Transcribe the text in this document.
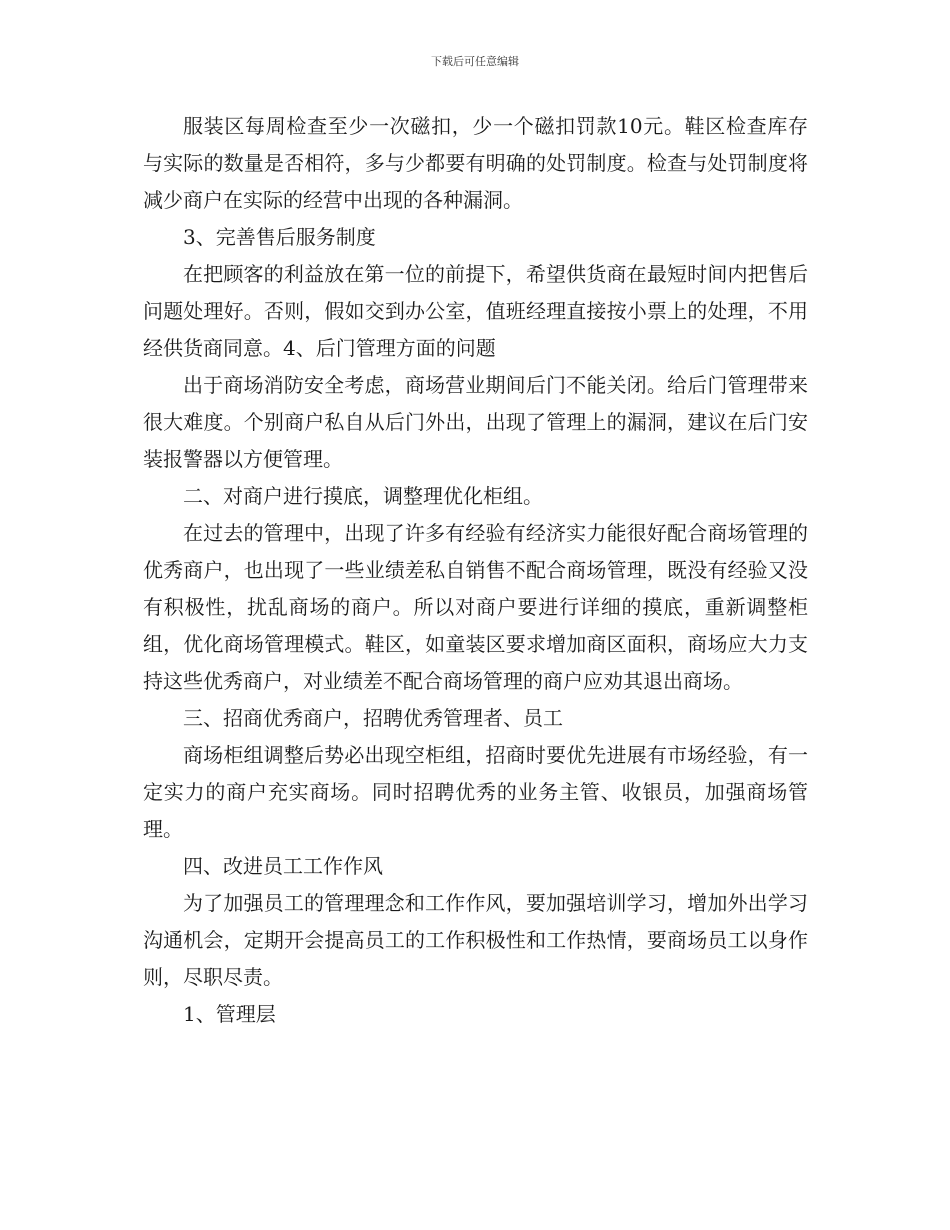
下载后可任意编辑

服装区每周检查至少一次磁扣，少一个磁扣罚款10元。鞋区检查库存与实际的数量是否相符，多与少都要有明确的处罚制度。检查与处罚制度将减少商户在实际的经营中出现的各种漏洞。

3、完善售后服务制度

在把顾客的利益放在第一位的前提下，希望供货商在最短时间内把售后问题处理好。否则，假如交到办公室，值班经理直接按小票上的处理，不用经供货商同意。4、后门管理方面的问题

出于商场消防安全考虑，商场营业期间后门不能关闭。给后门管理带来很大难度。个别商户私自从后门外出，出现了管理上的漏洞，建议在后门安装报警器以方便管理。

二、对商户进行摸底，调整理优化柜组。

在过去的管理中，出现了许多有经验有经济实力能很好配合商场管理的优秀商户，也出现了一些业绩差私自销售不配合商场管理，既没有经验又没有积极性，扰乱商场的商户。所以对商户要进行详细的摸底，重新调整柜组，优化商场管理模式。鞋区，如童装区要求增加商区面积，商场应大力支持这些优秀商户，对业绩差不配合商场管理的商户应劝其退出商场。

三、招商优秀商户，招聘优秀管理者、员工

商场柜组调整后势必出现空柜组，招商时要优先进展有市场经验，有一定实力的商户充实商场。同时招聘优秀的业务主管、收银员，加强商场管理。

四、改进员工工作作风

为了加强员工的管理理念和工作作风，要加强培训学习，增加外出学习沟通机会，定期开会提高员工的工作积极性和工作热情，要商场员工以身作则，尽职尽责。

1、管理层
